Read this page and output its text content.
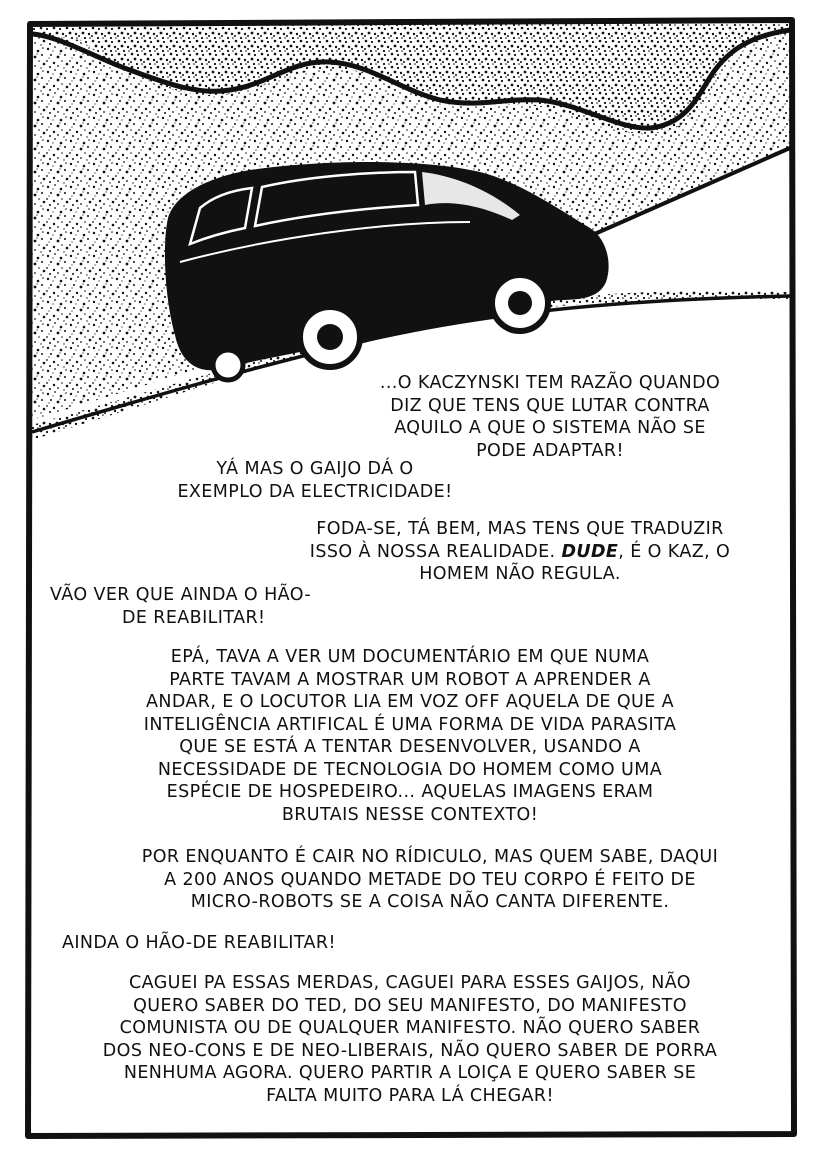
...O KACZYNSKI TEM RAZÃO QUANDO
DIZ QUE TENS QUE LUTAR CONTRA
AQUILO A QUE O SISTEMA NÃO SE
PODE ADAPTAR!
YÁ MAS O GAIJO DÁ O
EXEMPLO DA ELECTRICIDADE!
FODA-SE, TÁ BEM, MAS TENS QUE TRADUZIR
ISSO À NOSSA REALIDADE. DUDE, É O KAZ, O
HOMEM NÃO REGULA.
VÃO VER QUE AINDA O HÃO-
DE REABILITAR!
EPÁ, TAVA A VER UM DOCUMENTÁRIO EM QUE NUMA
PARTE TAVAM A MOSTRAR UM ROBOT A APRENDER A
ANDAR, E O LOCUTOR LIA EM VOZ OFF AQUELA DE QUE A
INTELIGÊNCIA ARTIFICAL É UMA FORMA DE VIDA PARASITA
QUE SE ESTÁ A TENTAR DESENVOLVER, USANDO A
NECESSIDADE DE TECNOLOGIA DO HOMEM COMO UMA
ESPÉCIE DE HOSPEDEIRO... AQUELAS IMAGENS ERAM
BRUTAIS NESSE CONTEXTO!
POR ENQUANTO É CAIR NO RÍDICULO, MAS QUEM SABE, DAQUI
A 200 ANOS QUANDO METADE DO TEU CORPO É FEITO DE
MICRO-ROBOTS SE A COISA NÃO CANTA DIFERENTE.
AINDA O HÃO-DE REABILITAR!
CAGUEI PA ESSAS MERDAS, CAGUEI PARA ESSES GAIJOS, NÃO
QUERO SABER DO TED, DO SEU MANIFESTO, DO MANIFESTO
COMUNISTA OU DE QUALQUER MANIFESTO. NÃO QUERO SABER
DOS NEO-CONS E DE NEO-LIBERAIS, NÃO QUERO SABER DE PORRA
NENHUMA AGORA. QUERO PARTIR A LOIÇA E QUERO SABER SE
FALTA MUITO PARA LÁ CHEGAR!
